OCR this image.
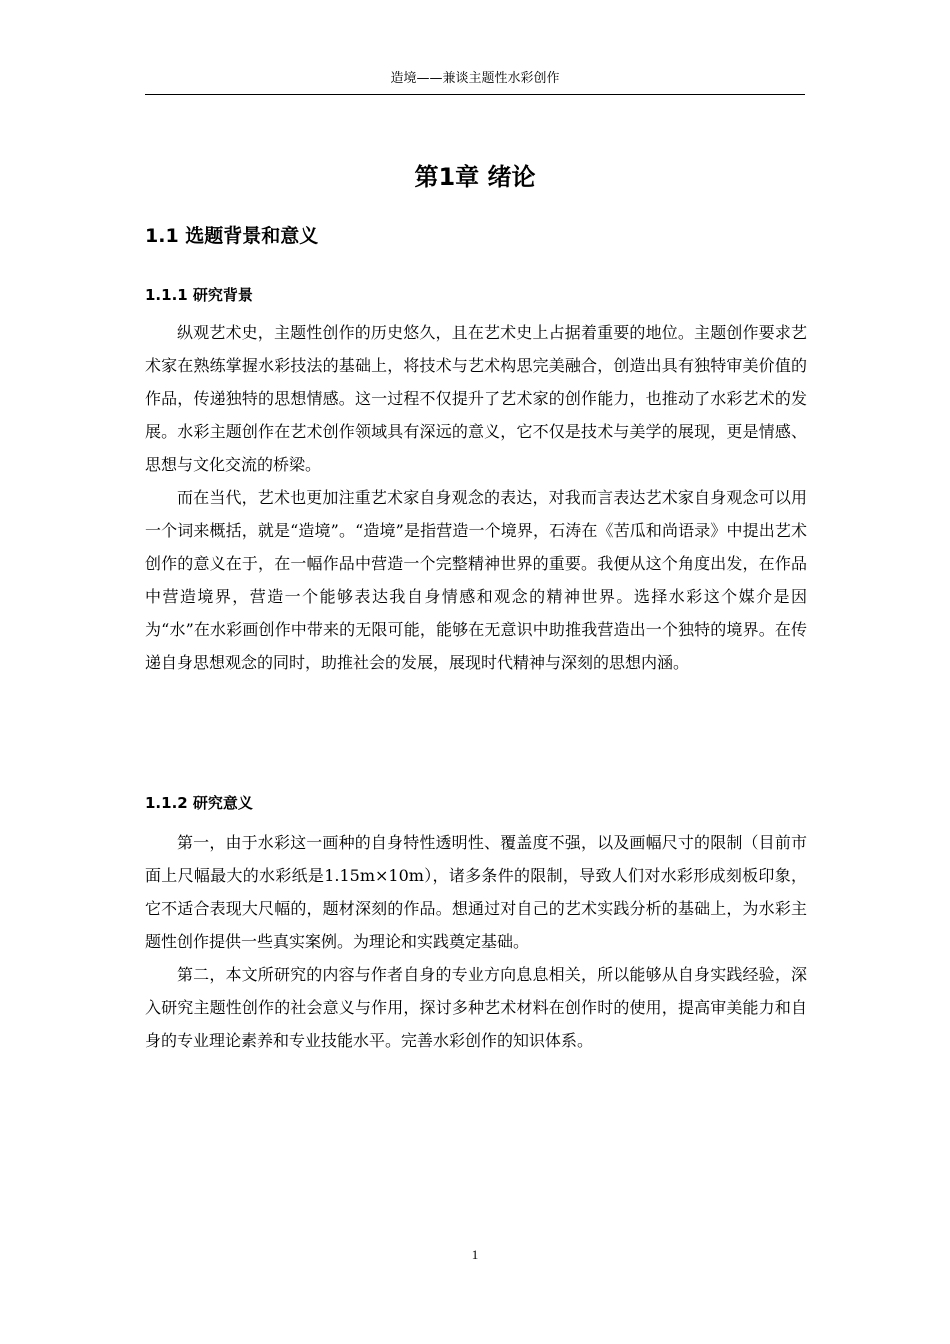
造境——兼谈主题性水彩创作
第1章 绪论
1.1 选题背景和意义
1.1.1 研究背景

纵观艺术史，主题性创作的历史悠久，且在艺术史上占据着重要的地位。主题创作要求艺术家在熟练掌握水彩技法的基础上，将技术与艺术构思完美融合，创造出具有独特审美价值的作品，传递独特的思想情感。这一过程不仅提升了艺术家的创作能力，也推动了水彩艺术的发展。水彩主题创作在艺术创作领域具有深远的意义，它不仅是技术与美学的展现，更是情感、思想与文化交流的桥梁。

而在当代，艺术也更加注重艺术家自身观念的表达，对我而言表达艺术家自身观念可以用一个词来概括，就是“造境”。“造境”是指营造一个境界，石涛在《苦瓜和尚语录》中提出艺术创作的意义在于，在一幅作品中营造一个完整精神世界的重要。我便从这个角度出发，在作品中营造境界，营造一个能够表达我自身情感和观念的精神世界。选择水彩这个媒介是因为“水”在水彩画创作中带来的无限可能，能够在无意识中助推我营造出一个独特的境界。在传递自身思想观念的同时，助推社会的发展，展现时代精神与深刻的思想内涵。

1.1.2 研究意义

第一，由于水彩这一画种的自身特性透明性、覆盖度不强，以及画幅尺寸的限制（目前市面上尺幅最大的水彩纸是1.15m×10m），诸多条件的限制，导致人们对水彩形成刻板印象，它不适合表现大尺幅的，题材深刻的作品。想通过对自己的艺术实践分析的基础上，为水彩主题性创作提供一些真实案例。为理论和实践奠定基础。

第二，本文所研究的内容与作者自身的专业方向息息相关，所以能够从自身实践经验，深入研究主题性创作的社会意义与作用，探讨多种艺术材料在创作时的使用，提高审美能力和自身的专业理论素养和专业技能水平。完善水彩创作的知识体系。

1
